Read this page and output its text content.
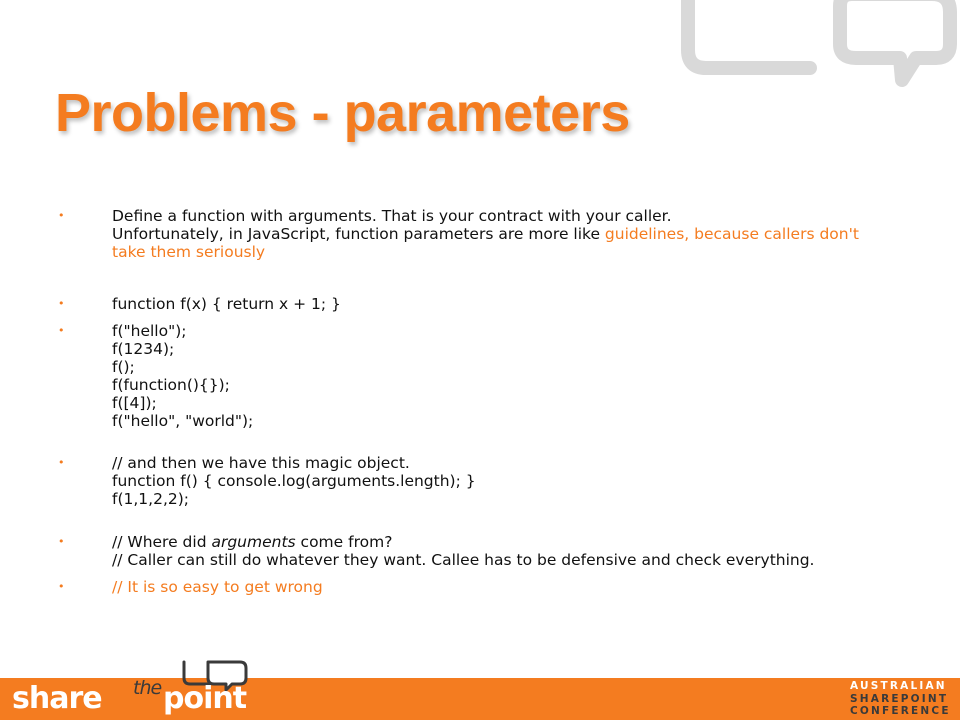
Problems - parameters
•	Define a function with arguments. That is your contract with your caller.
Unfortunately, in JavaScript, function parameters are more like guidelines, because callers don't
take them seriously
•	function f(x) { return x + 1; }
•	f("hello");
f(1234);
f();
f(function(){});
f([4]);
f("hello", "world");
•	// and then we have this magic object.
function f() { console.log(arguments.length); }
f(1,1,2,2);
•	// Where did arguments come from?
// Caller can still do whatever they want. Callee has to be defensive and check everything.
•	// It is so easy to get wrong
share the point	AUSTRALIAN
SHAREPOINT
CONFERENCE
